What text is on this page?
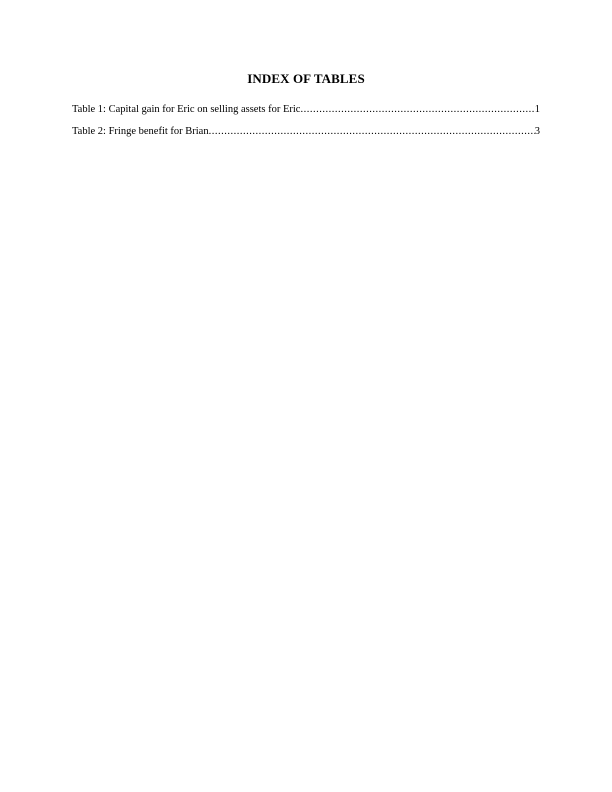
INDEX OF TABLES
Table 1: Capital gain for Eric on selling assets for Eric .....	1
Table 2: Fringe benefit for Brian .....	3
